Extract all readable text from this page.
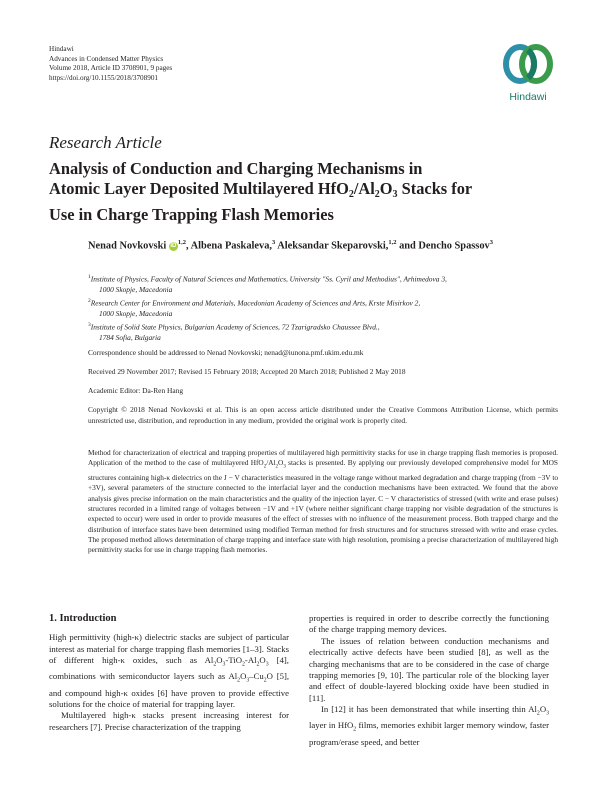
Hindawi
Advances in Condensed Matter Physics
Volume 2018, Article ID 3708901, 9 pages
https://doi.org/10.1155/2018/3708901
Hindawi
Research Article
Analysis of Conduction and Charging Mechanisms in
Atomic Layer Deposited Multilayered $HfO_2/Al_2O_3$ Stacks for
Use in Charge Trapping Flash Memories
Nenad Novkovski iD$^{1,2}$, Albena Paskaleva,$^3$ Aleksandar Skeparovski,$^{1,2}$ and Dencho Spassov$^3$
$^1$Institute of Physics, Faculty of Natural Sciences and Mathematics, University "Ss. Cyril and Methodius", Arhimedova 3,
1000 Skopje, Macedonia
$^2$Research Center for Environment and Materials, Macedonian Academy of Sciences and Arts, Krste Misirkov 2,
1000 Skopje, Macedonia
$^3$Institute of Solid State Physics, Bulgarian Academy of Sciences, 72 Tzarigradsko Chaussee Blvd.,
1784 Sofia, Bulgaria
Correspondence should be addressed to Nenad Novkovski; nenad@iunona.pmf.ukim.edu.mk
Received 29 November 2017; Revised 15 February 2018; Accepted 20 March 2018; Published 2 May 2018
Academic Editor: Da-Ren Hang
Copyright © 2018 Nenad Novkovski et al. This is an open access article distributed under the Creative Commons Attribution License, which permits unrestricted use, distribution, and reproduction in any medium, provided the original work is properly cited.
Method for characterization of electrical and trapping properties of multilayered high permittivity stacks for use in charge trapping flash memories is proposed. Application of the method to the case of multilayered $HfO_2/Al_2O_3$ stacks is presented. By applying our previously developed comprehensive model for MOS structures containing high-κ dielectrics on the J − V characteristics measured in the voltage range without marked degradation and charge trapping (from −3V to +3V), several parameters of the structure connected to the interfacial layer and the conduction mechanisms have been extracted. We found that the above analysis gives precise information on the main characteristics and the quality of the injection layer. C − V characteristics of stressed (with write and erase pulses) structures recorded in a limited range of voltages between −1V and +1V (where neither significant charge trapping nor visible degradation of the structures is expected to occur) were used in order to provide measures of the effect of stresses with no influence of the measurement process. Both trapped charge and the distribution of interface states have been determined using modified Terman method for fresh structures and for structures stressed with write and erase cycles. The proposed method allows determination of charge trapping and interface state with high resolution, promising a precise characterization of multilayered high permittivity stacks for use in charge trapping flash memories.

1. Introduction

High permittivity (high-κ) dielectric stacks are subject of particular interest as material for charge trapping flash memories [1–3]. Stacks of different high-κ oxides, such as $Al_2O_3-TiO_2-Al_2O_3$ [4], combinations with semiconductor layers such as $Al_2O_3-Cu_2O$ [5], and compound high-κ oxides [6] have proven to provide effective solutions for the choice of material for trapping layer.

Multilayered high-κ stacks present increasing interest for researchers [7]. Precise characterization of the trapping

properties is required in order to describe correctly the functioning of the charge trapping memory devices.

The issues of relation between conduction mechanisms and electrically active defects have been studied [8], as well as the charging mechanisms that are to be considered in the case of charge trapping memories [9, 10]. The particular role of the blocking layer and effect of double-layered blocking oxide have been studied in [11].

In [12] it has been demonstrated that while inserting thin $Al_2O_3$ layer in HfO$_2$ films, memories exhibit larger memory window, faster program/erase speed, and better
